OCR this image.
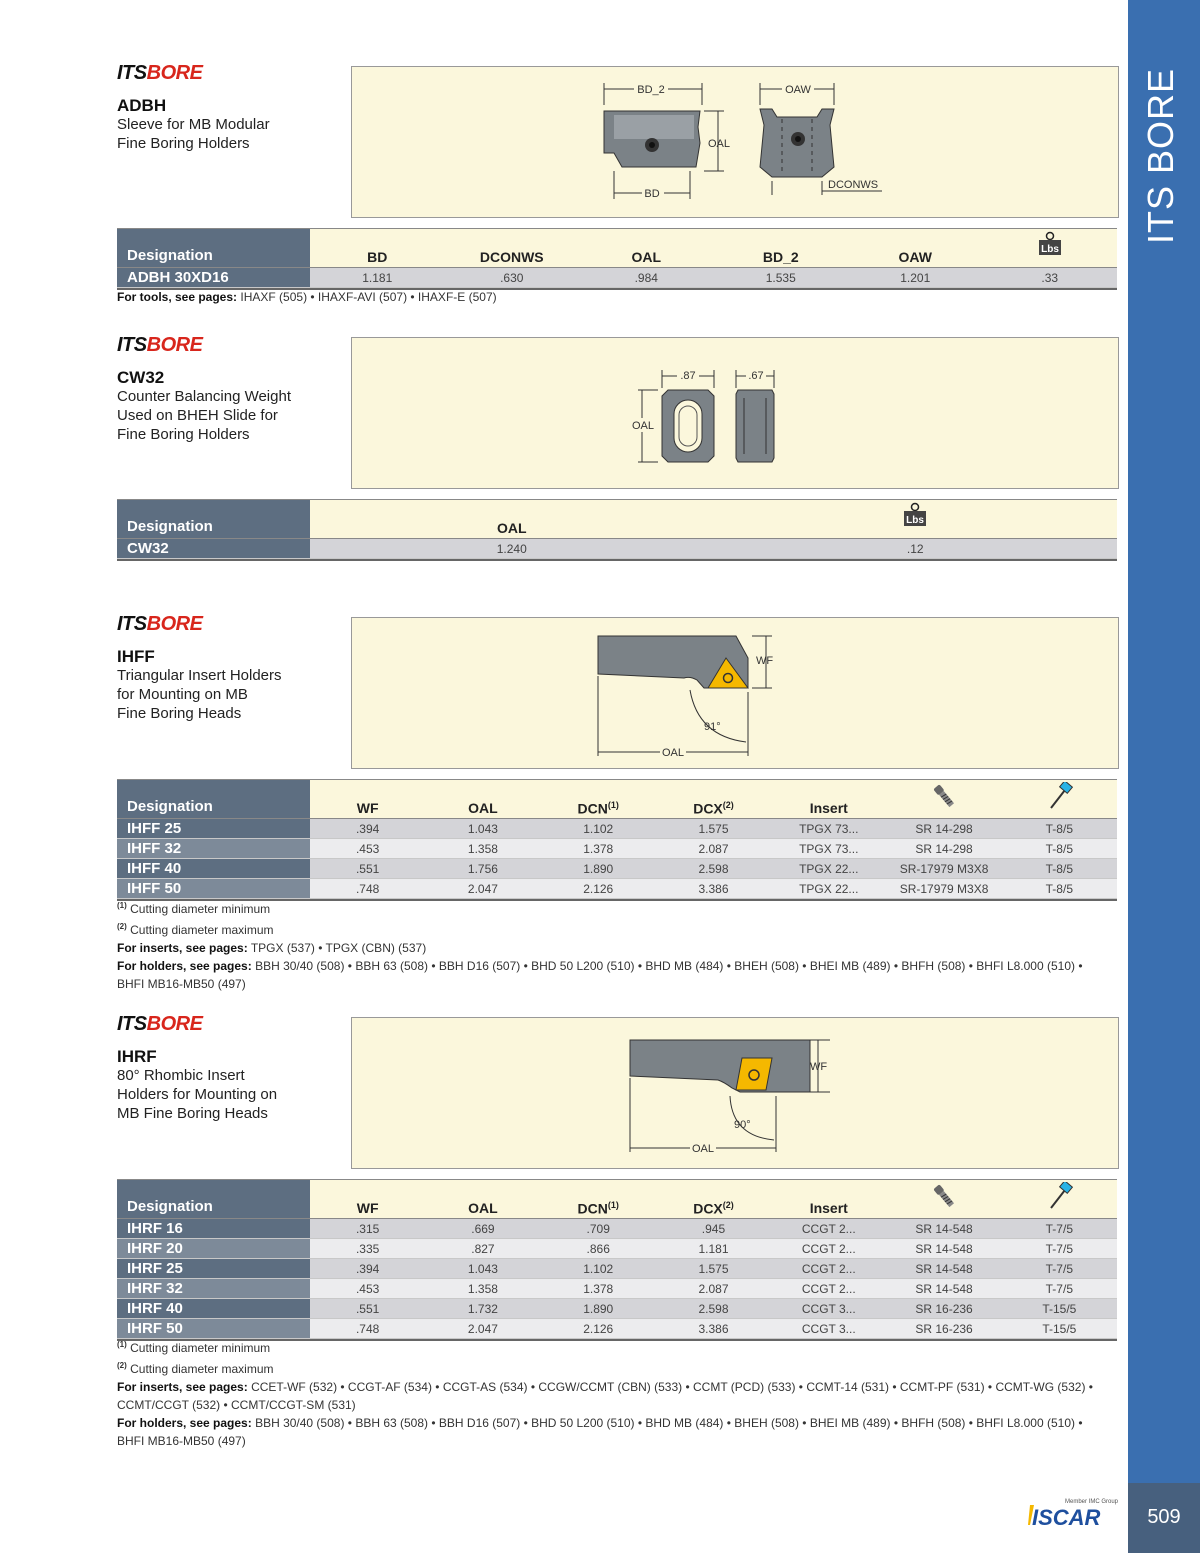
ITS BORE
509
Member IMC Group
ISCAR
ITSBORE
ADBH
Sleeve for MB Modular
Fine Boring Holders
BD_2
OAL
BD
OAW
DCONWS
Designation	BD	DCONWS	OAL	BD_2	OAW	Lbs
ADBH 30XD16	1.181	.630	.984	1.535	1.201	.33
For tools, see pages: IHAXF (505) • IHAXF-AVI (507) • IHAXF-E (507)
ITSBORE
CW32
Counter Balancing Weight
Used on BHEH Slide for
Fine Boring Holders
.87
OAL
.67
Designation	OAL	Lbs
CW32	1.240	.12
ITSBORE
IHFF
Triangular Insert Holders
for Mounting on MB
Fine Boring Heads
WF
91°
OAL
Designation	WF	OAL	DCN$^{(1)}$	DCX$^{(2)}$	Insert
IHFF 25	.394	1.043	1.102	1.575	TPGX 73...	SR 14-298	T-8/5
IHFF 32	.453	1.358	1.378	2.087	TPGX 73...	SR 14-298	T-8/5
IHFF 40	.551	1.756	1.890	2.598	TPGX 22...	SR-17979 M3X8	T-8/5
IHFF 50	.748	2.047	2.126	3.386	TPGX 22...	SR-17979 M3X8	T-8/5
$^{(1)}$ Cutting diameter minimum
$^{(2)}$ Cutting diameter maximum
For inserts, see pages: TPGX (537) • TPGX (CBN) (537)
For holders, see pages: BBH 30/40 (508) • BBH 63 (508) • BBH D16 (507) • BHD 50 L200 (510) • BHD MB (484) • BHEH (508) • BHEI MB (489) • BHFH (508) • BHFI L8.000 (510) • BHFI MB16-MB50 (497)
ITSBORE
IHRF
80° Rhombic Insert
Holders for Mounting on
MB Fine Boring Heads
WF
90°
OAL
Designation	WF	OAL	DCN$^{(1)}$	DCX$^{(2)}$	Insert
IHRF 16	.315	.669	.709	.945	CCGT 2...	SR 14-548	T-7/5
IHRF 20	.335	.827	.866	1.181	CCGT 2...	SR 14-548	T-7/5
IHRF 25	.394	1.043	1.102	1.575	CCGT 2...	SR 14-548	T-7/5
IHRF 32	.453	1.358	1.378	2.087	CCGT 2...	SR 14-548	T-7/5
IHRF 40	.551	1.732	1.890	2.598	CCGT 3...	SR 16-236	T-15/5
IHRF 50	.748	2.047	2.126	3.386	CCGT 3...	SR 16-236	T-15/5
$^{(1)}$ Cutting diameter minimum
$^{(2)}$ Cutting diameter maximum
For inserts, see pages: CCET-WF (532) • CCGT-AF (534) • CCGT-AS (534) • CCGW/CCMT (CBN) (533) • CCMT (PCD) (533) • CCMT-14 (531) • CCMT-PF (531) • CCMT-WG (532) • CCMT/CCGT (532) • CCMT/CCGT-SM (531)
For holders, see pages: BBH 30/40 (508) • BBH 63 (508) • BBH D16 (507) • BHD 50 L200 (510) • BHD MB (484) • BHEH (508) • BHEI MB (489) • BHFH (508) • BHFI L8.000 (510) • BHFI MB16-MB50 (497)
